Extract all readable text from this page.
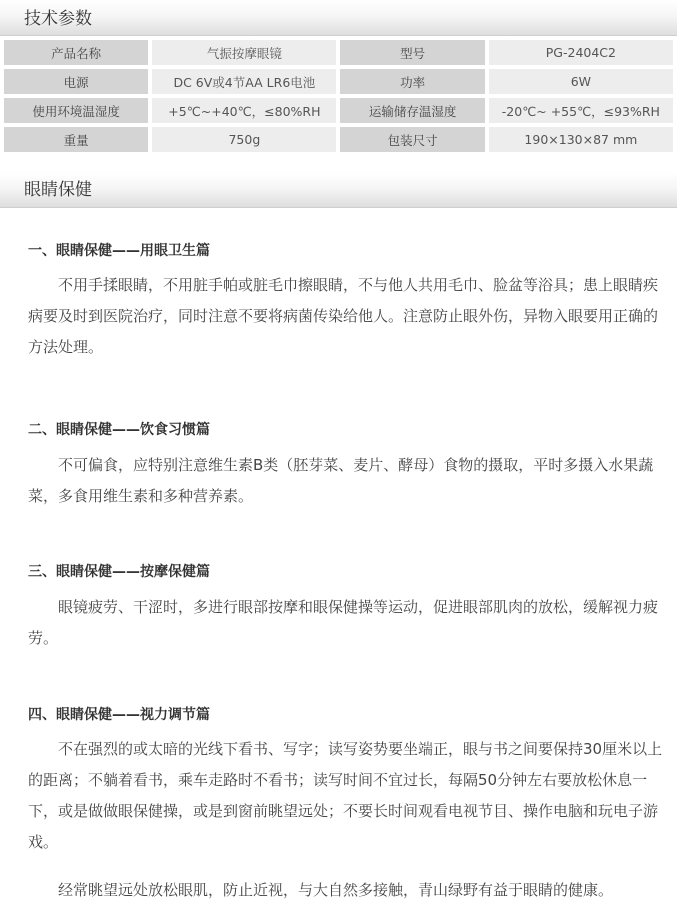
技术参数
产品名称	气振按摩眼镜	型号	PG-2404C2
电源	DC 6V或4节AA LR6电池	功率	6W
使用环境温湿度	+5℃~+40℃，≤80%RH	运输储存温湿度	-20℃~ +55℃，≤93%RH
重量	750g	包装尺寸	190×130×87 mm
眼睛保健
一、眼睛保健——用眼卫生篇
不用手揉眼睛，不用脏手帕或脏毛巾擦眼睛，不与他人共用毛巾、脸盆等浴具；患上眼睛疾病要及时到医院治疗，同时注意不要将病菌传染给他人。注意防止眼外伤，异物入眼要用正确的方法处理。
二、眼睛保健——饮食习惯篇
不可偏食，应特别注意维生素B类（胚芽菜、麦片、酵母）食物的摄取，平时多摄入水果蔬菜，多食用维生素和多种营养素。
三、眼睛保健——按摩保健篇
眼镜疲劳、干涩时，多进行眼部按摩和眼保健操等运动，促进眼部肌肉的放松，缓解视力疲劳。
四、眼睛保健——视力调节篇
不在强烈的或太暗的光线下看书、写字；读写姿势要坐端正，眼与书之间要保持30厘米以上的距离；不躺着看书，乘车走路时不看书；读写时间不宜过长，每隔50分钟左右要放松休息一下，或是做做眼保健操，或是到窗前眺望远处；不要长时间观看电视节目、操作电脑和玩电子游戏。
经常眺望远处放松眼肌，防止近视，与大自然多接触，青山绿野有益于眼睛的健康。
